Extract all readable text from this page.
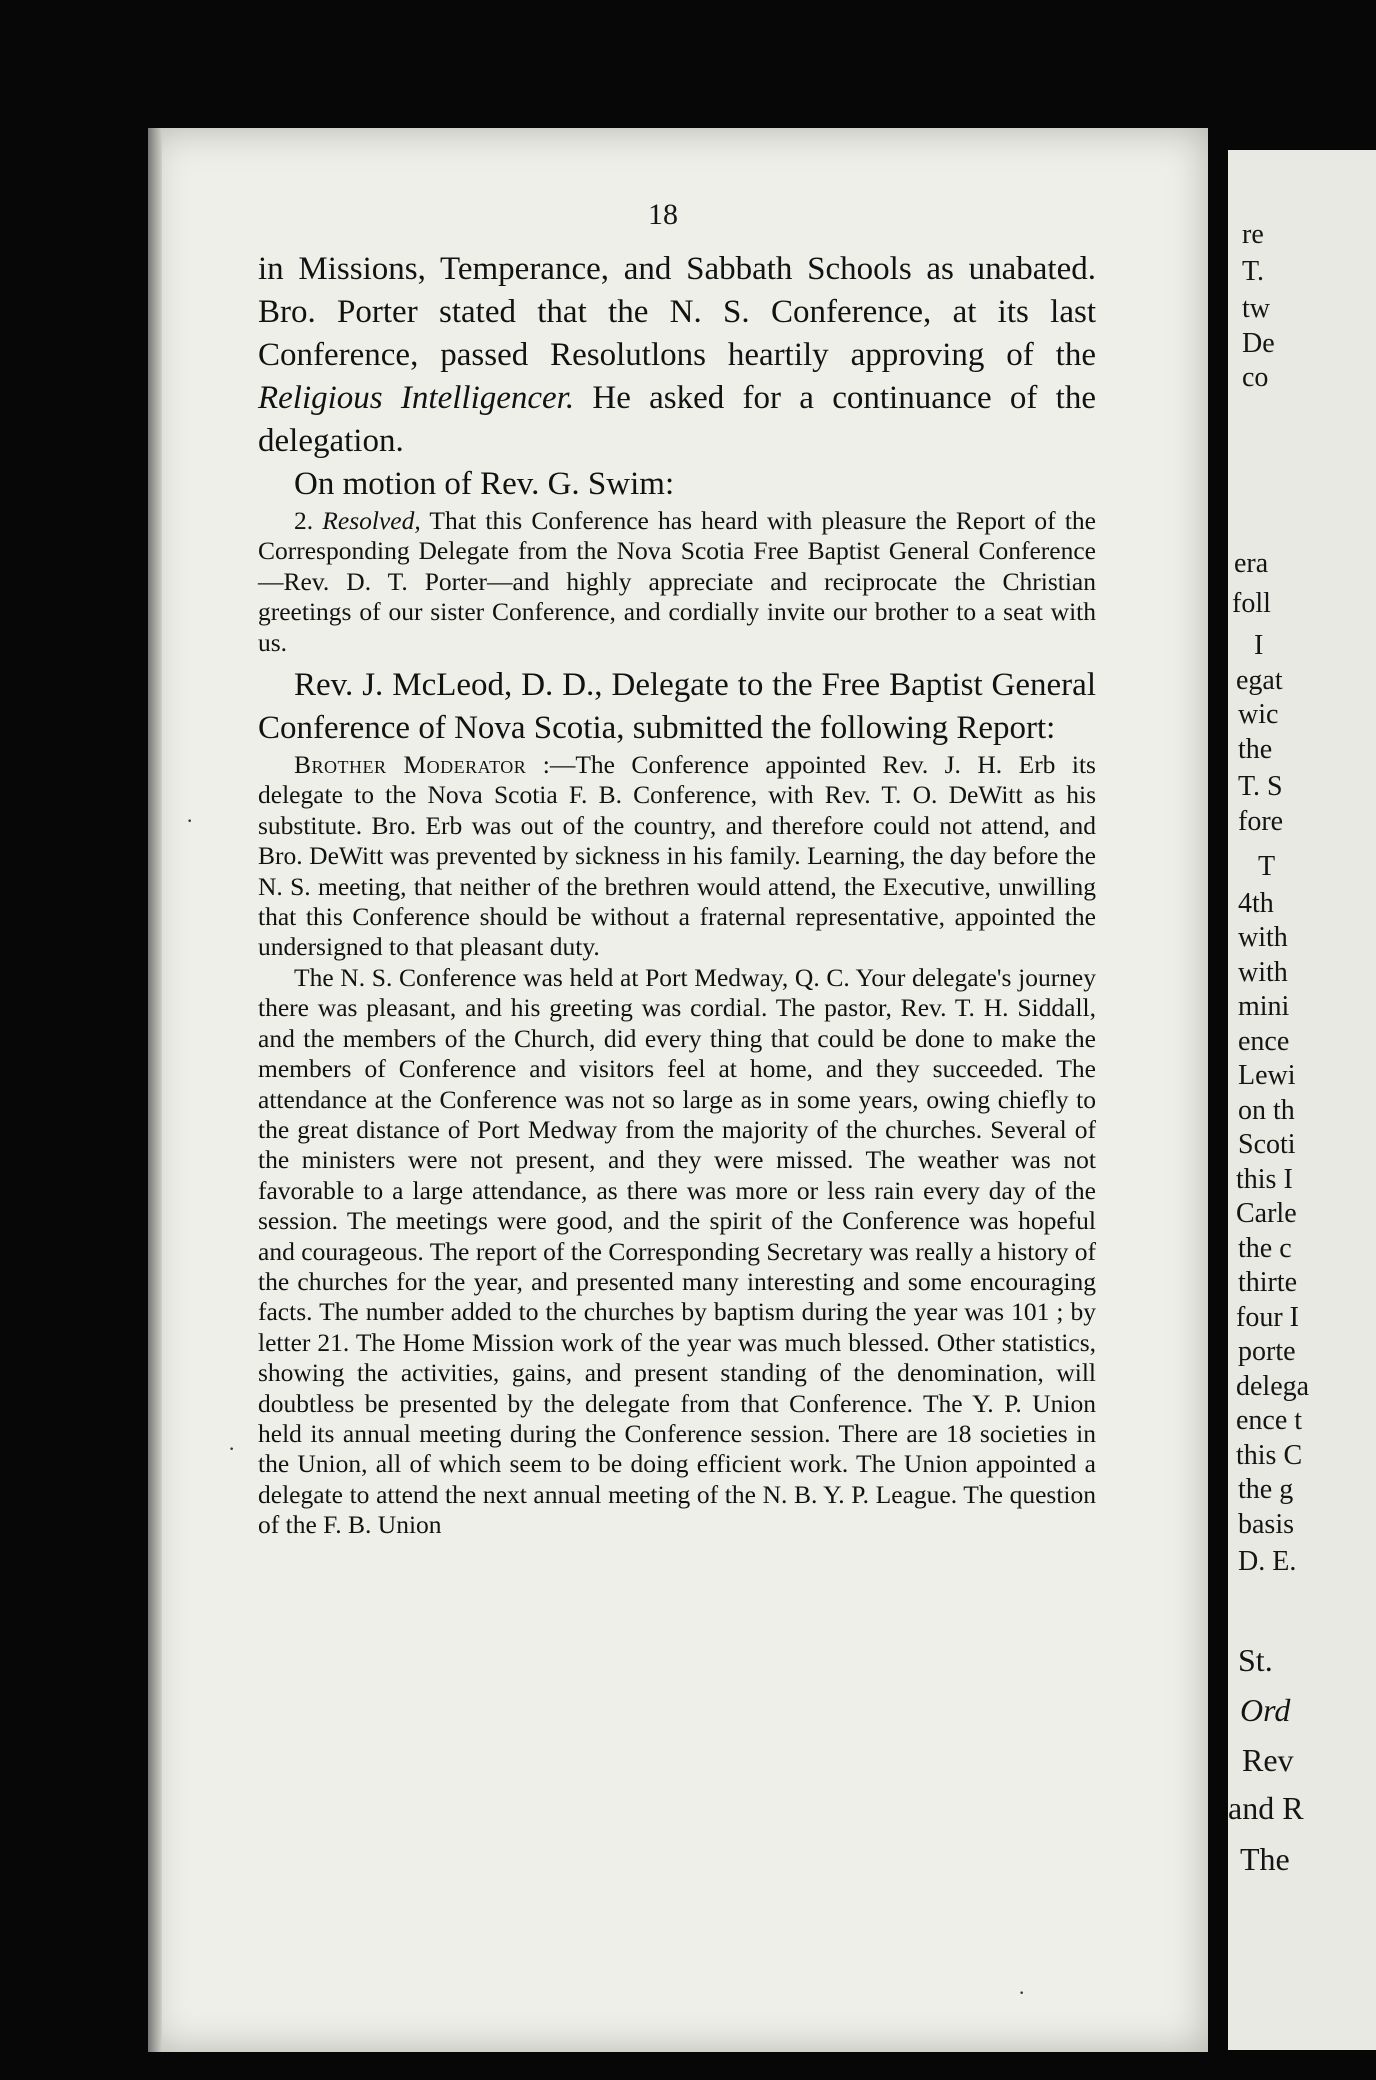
18

in Missions, Temperance, and Sabbath Schools as unabated. Bro. Porter stated that the N. S. Conference, at its last Conference, passed Resolutlons heartily approving of the Religious Intelligencer. He asked for a continuance of the delegation.

On motion of Rev. G. Swim:

2. Resolved, That this Conference has heard with pleasure the Report of the Corresponding Delegate from the Nova Scotia Free Baptist General Conference—Rev. D. T. Porter—and highly appreciate and reciprocate the Christian greetings of our sister Conference, and cordially invite our brother to a seat with us.

Rev. J. McLeod, D. D., Delegate to the Free Baptist General Conference of Nova Scotia, submitted the following Report:

Brother Moderator :—The Conference appointed Rev. J. H. Erb its delegate to the Nova Scotia F. B. Conference, with Rev. T. O. DeWitt as his substitute. Bro. Erb was out of the country, and therefore could not attend, and Bro. DeWitt was prevented by sickness in his family. Learning, the day before the N. S. meeting, that neither of the brethren would attend, the Executive, unwilling that this Conference should be without a fraternal representative, appointed the undersigned to that pleasant duty.

The N. S. Conference was held at Port Medway, Q. C. Your delegate's journey there was pleasant, and his greeting was cordial. The pastor, Rev. T. H. Siddall, and the members of the Church, did every thing that could be done to make the members of Conference and visitors feel at home, and they succeeded. The attendance at the Conference was not so large as in some years, owing chiefly to the great distance of Port Medway from the majority of the churches. Several of the ministers were not present, and they were missed. The weather was not favorable to a large attendance, as there was more or less rain every day of the session. The meetings were good, and the spirit of the Conference was hopeful and courageous. The report of the Corresponding Secretary was really a history of the churches for the year, and presented many interesting and some encouraging facts. The number added to the churches by baptism during the year was 101 ; by letter 21. The Home Mission work of the year was much blessed. Other statistics, showing the activities, gains, and present standing of the denomination, will doubtless be presented by the delegate from that Conference. The Y. P. Union held its annual meeting during the Conference session. There are 18 societies in the Union, all of which seem to be doing efficient work. The Union appointed a delegate to attend the next annual meeting of the N. B. Y. P. League. The question of the F. B. Union

re
T.
tw
De
co
era
foll
I
egat
wic
the
T. S
fore
T
4th
with
with
mini
ence
Lewi
on th
Scoti
this I
Carle
the c
thirte
four I
porte
delega
ence t
this C
the g
basis
D. E.
St.
Ord
Rev
and R
The
·
·
·
